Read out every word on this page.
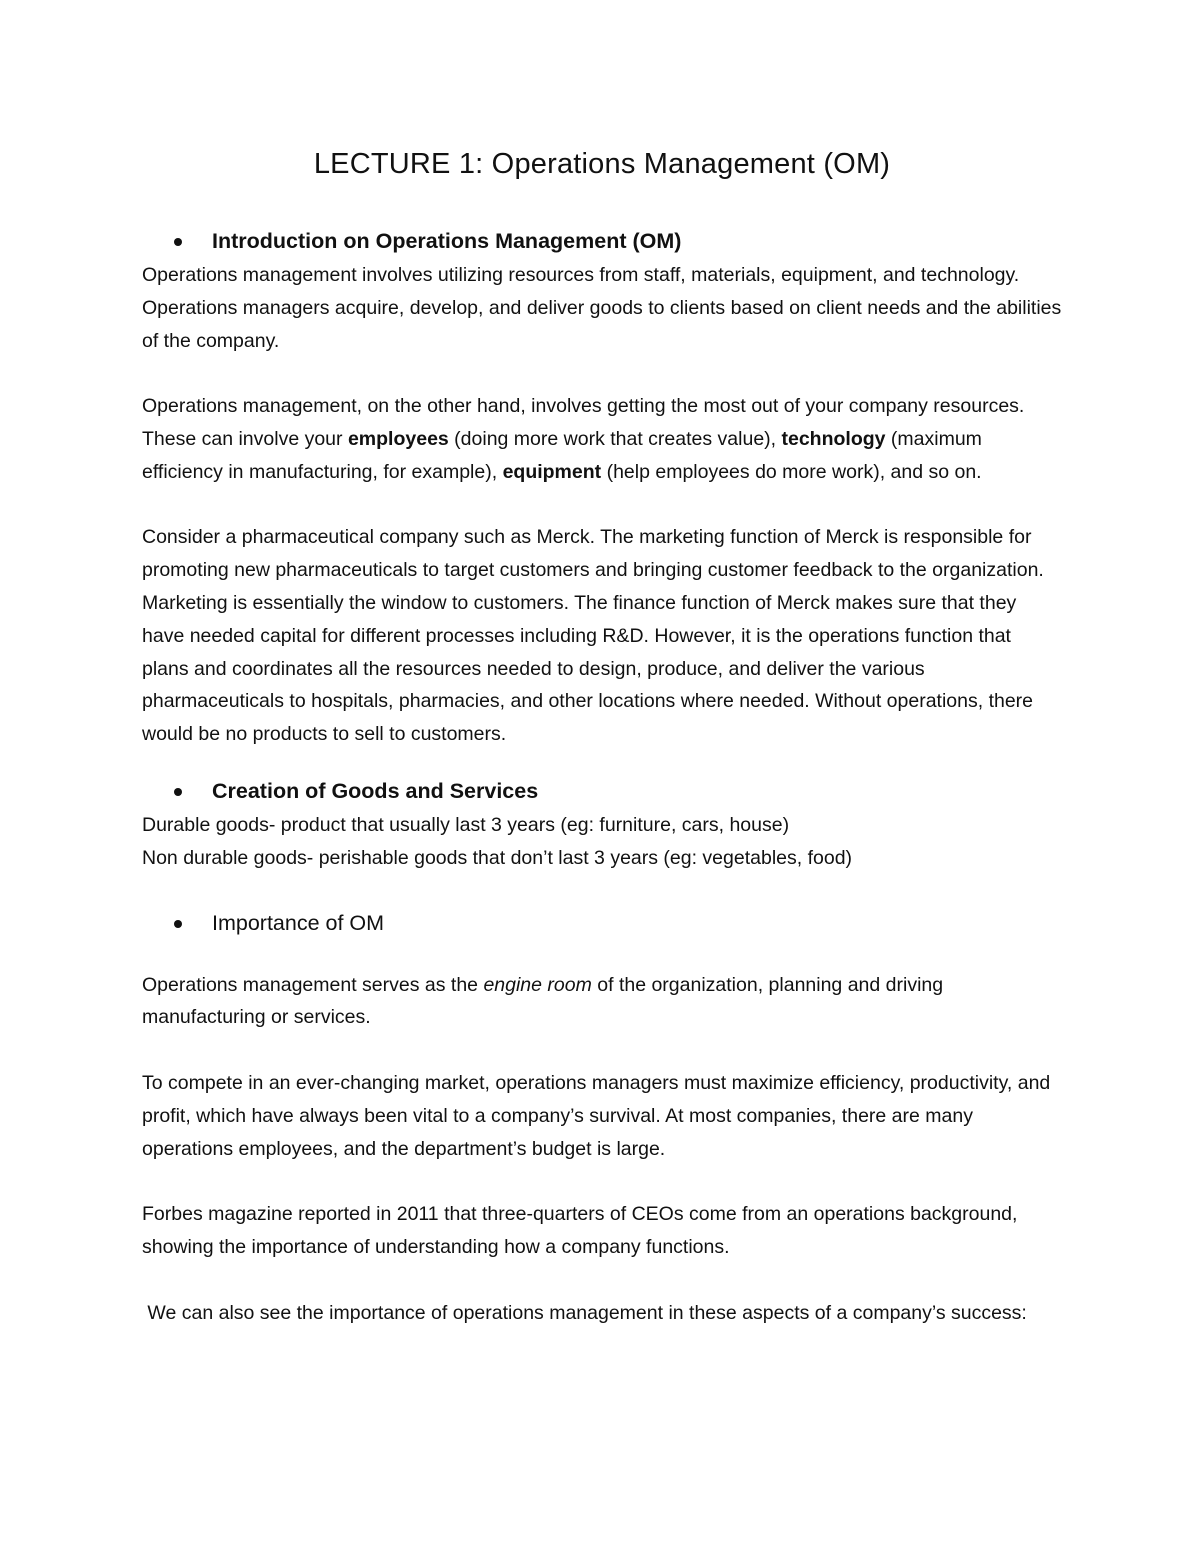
LECTURE 1: Operations Management (OM)
Introduction on Operations Management (OM)

Operations management involves utilizing resources from staff, materials, equipment, and technology. Operations managers acquire, develop, and deliver goods to clients based on client needs and the abilities of the company.

Operations management, on the other hand, involves getting the most out of your company resources. These can involve your employees (doing more work that creates value), technology (maximum efficiency in manufacturing, for example), equipment (help employees do more work), and so on.

Consider a pharmaceutical company such as Merck. The marketing function of Merck is responsible for promoting new pharmaceuticals to target customers and bringing customer feedback to the organization. Marketing is essentially the window to customers. The finance function of Merck makes sure that they have needed capital for different processes including R&D. However, it is the operations function that plans and coordinates all the resources needed to design, produce, and deliver the various pharmaceuticals to hospitals, pharmacies, and other locations where needed. Without operations, there would be no products to sell to customers.

Creation of Goods and Services

Durable goods- product that usually last 3 years (eg: furniture, cars, house)

Non durable goods- perishable goods that don’t last 3 years (eg: vegetables, food)

Importance of OM

Operations management serves as the engine room of the organization, planning and driving manufacturing or services.

To compete in an ever-changing market, operations managers must maximize efficiency, productivity, and profit, which have always been vital to a company’s survival. At most companies, there are many operations employees, and the department’s budget is large.

Forbes magazine reported in 2011 that three-quarters of CEOs come from an operations background, showing the importance of understanding how a company functions.

We can also see the importance of operations management in these aspects of a company’s success:
